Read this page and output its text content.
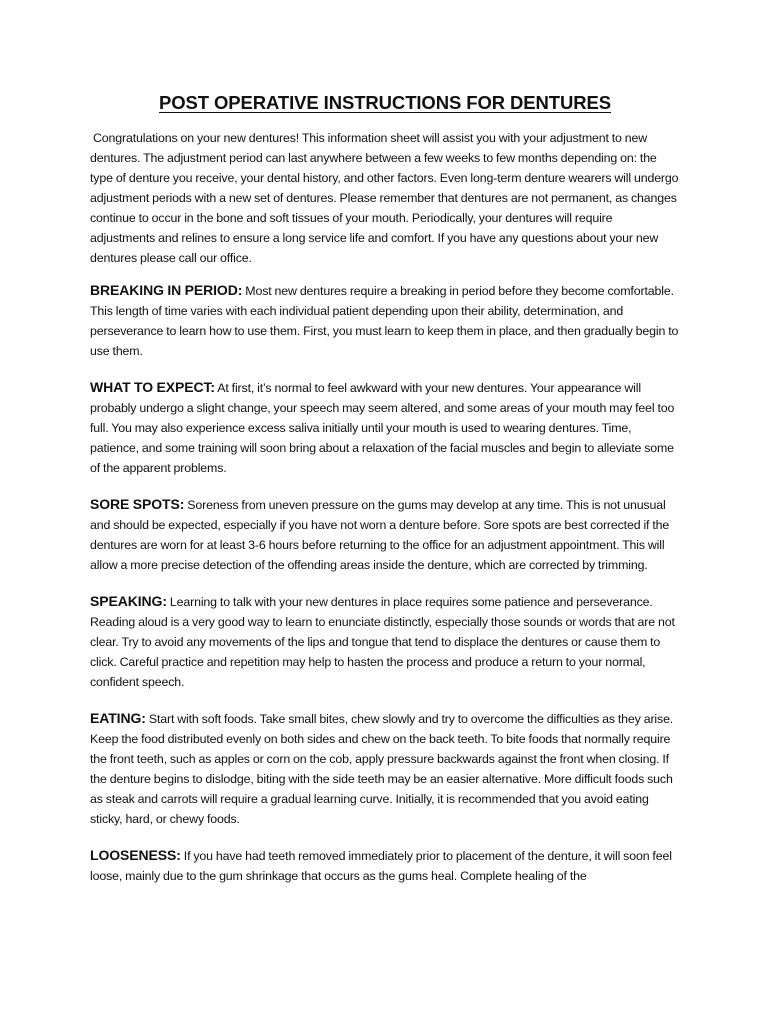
POST OPERATIVE INSTRUCTIONS FOR DENTURES
Congratulations on your new dentures! This information sheet will assist you with your adjustment to new dentures. The adjustment period can last anywhere between a few weeks to few months depending on: the type of denture you receive, your dental history, and other factors. Even long-term denture wearers will undergo adjustment periods with a new set of dentures. Please remember that dentures are not permanent, as changes continue to occur in the bone and soft tissues of your mouth. Periodically, your dentures will require adjustments and relines to ensure a long service life and comfort. If you have any questions about your new dentures please call our office.
BREAKING IN PERIOD: Most new dentures require a breaking in period before they become comfortable. This length of time varies with each individual patient depending upon their ability, determination, and perseverance to learn how to use them. First, you must learn to keep them in place, and then gradually begin to use them.
WHAT TO EXPECT: At first, it’s normal to feel awkward with your new dentures. Your appearance will probably undergo a slight change, your speech may seem altered, and some areas of your mouth may feel too full. You may also experience excess saliva initially until your mouth is used to wearing dentures. Time, patience, and some training will soon bring about a relaxation of the facial muscles and begin to alleviate some of the apparent problems.
SORE SPOTS: Soreness from uneven pressure on the gums may develop at any time. This is not unusual and should be expected, especially if you have not worn a denture before. Sore spots are best corrected if the dentures are worn for at least 3-6 hours before returning to the office for an adjustment appointment. This will allow a more precise detection of the offending areas inside the denture, which are corrected by trimming.
SPEAKING: Learning to talk with your new dentures in place requires some patience and perseverance. Reading aloud is a very good way to learn to enunciate distinctly, especially those sounds or words that are not clear. Try to avoid any movements of the lips and tongue that tend to displace the dentures or cause them to click. Careful practice and repetition may help to hasten the process and produce a return to your normal, confident speech.
EATING: Start with soft foods. Take small bites, chew slowly and try to overcome the difficulties as they arise. Keep the food distributed evenly on both sides and chew on the back teeth. To bite foods that normally require the front teeth, such as apples or corn on the cob, apply pressure backwards against the front when closing. If the denture begins to dislodge, biting with the side teeth may be an easier alternative. More difficult foods such as steak and carrots will require a gradual learning curve. Initially, it is recommended that you avoid eating sticky, hard, or chewy foods.
LOOSENESS: If you have had teeth removed immediately prior to placement of the denture, it will soon feel loose, mainly due to the gum shrinkage that occurs as the gums heal. Complete healing of the
